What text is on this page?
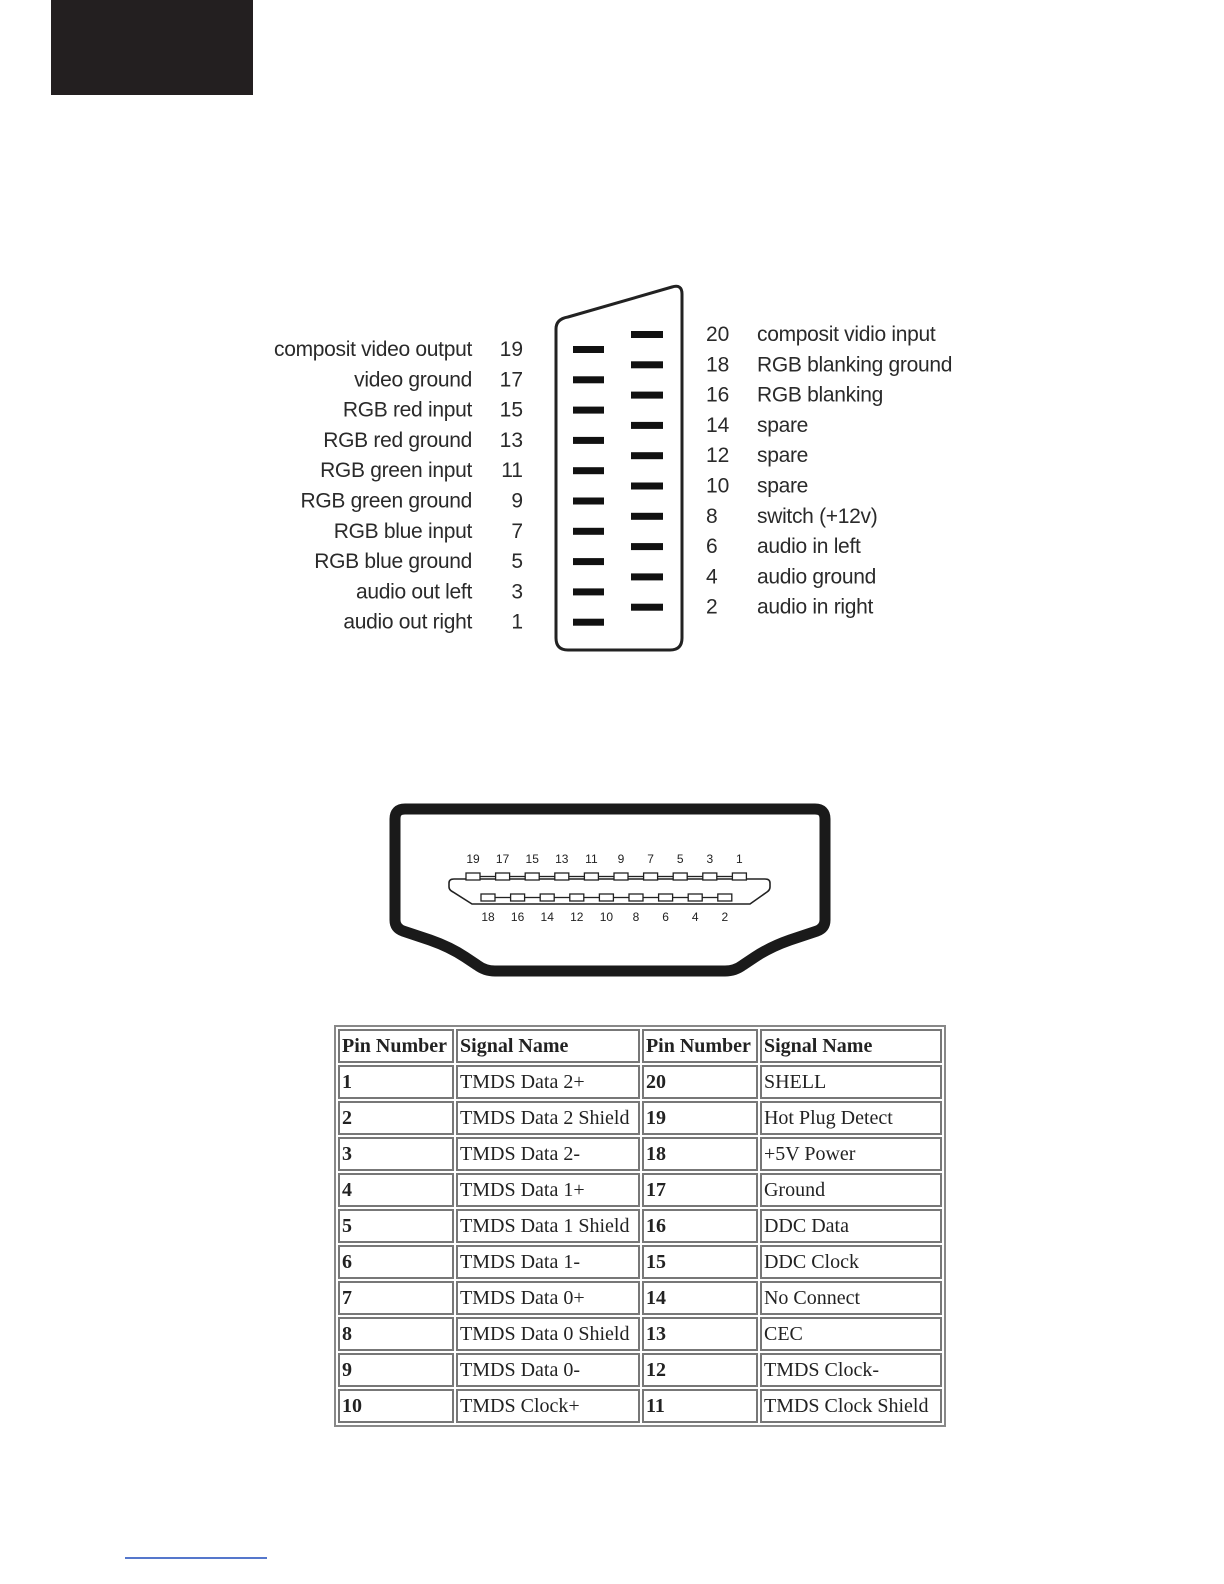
composit video output 19
video ground 17
RGB red input 15
RGB red ground 13
RGB green input 11
RGB green ground 9
RGB blue input 7
RGB blue ground 5
audio out left 3
audio out right 1
20 composit vidio input
18 RGB blanking ground
16 RGB blanking
14 spare
12 spare
10 spare
8 switch (+12v)
6 audio in left
4 audio ground
2 audio in right
19 17 15 13 11 9 7 5 3 1
18 16 14 12 10 8 6 4 2
Pin Number	Signal Name	Pin Number	Signal Name
1	TMDS Data 2+	20	SHELL
2	TMDS Data 2 Shield	19	Hot Plug Detect
3	TMDS Data 2-	18	+5V Power
4	TMDS Data 1+	17	Ground
5	TMDS Data 1 Shield	16	DDC Data
6	TMDS Data 1-	15	DDC Clock
7	TMDS Data 0+	14	No Connect
8	TMDS Data 0 Shield	13	CEC
9	TMDS Data 0-	12	TMDS Clock-
10	TMDS Clock+	11	TMDS Clock Shield
